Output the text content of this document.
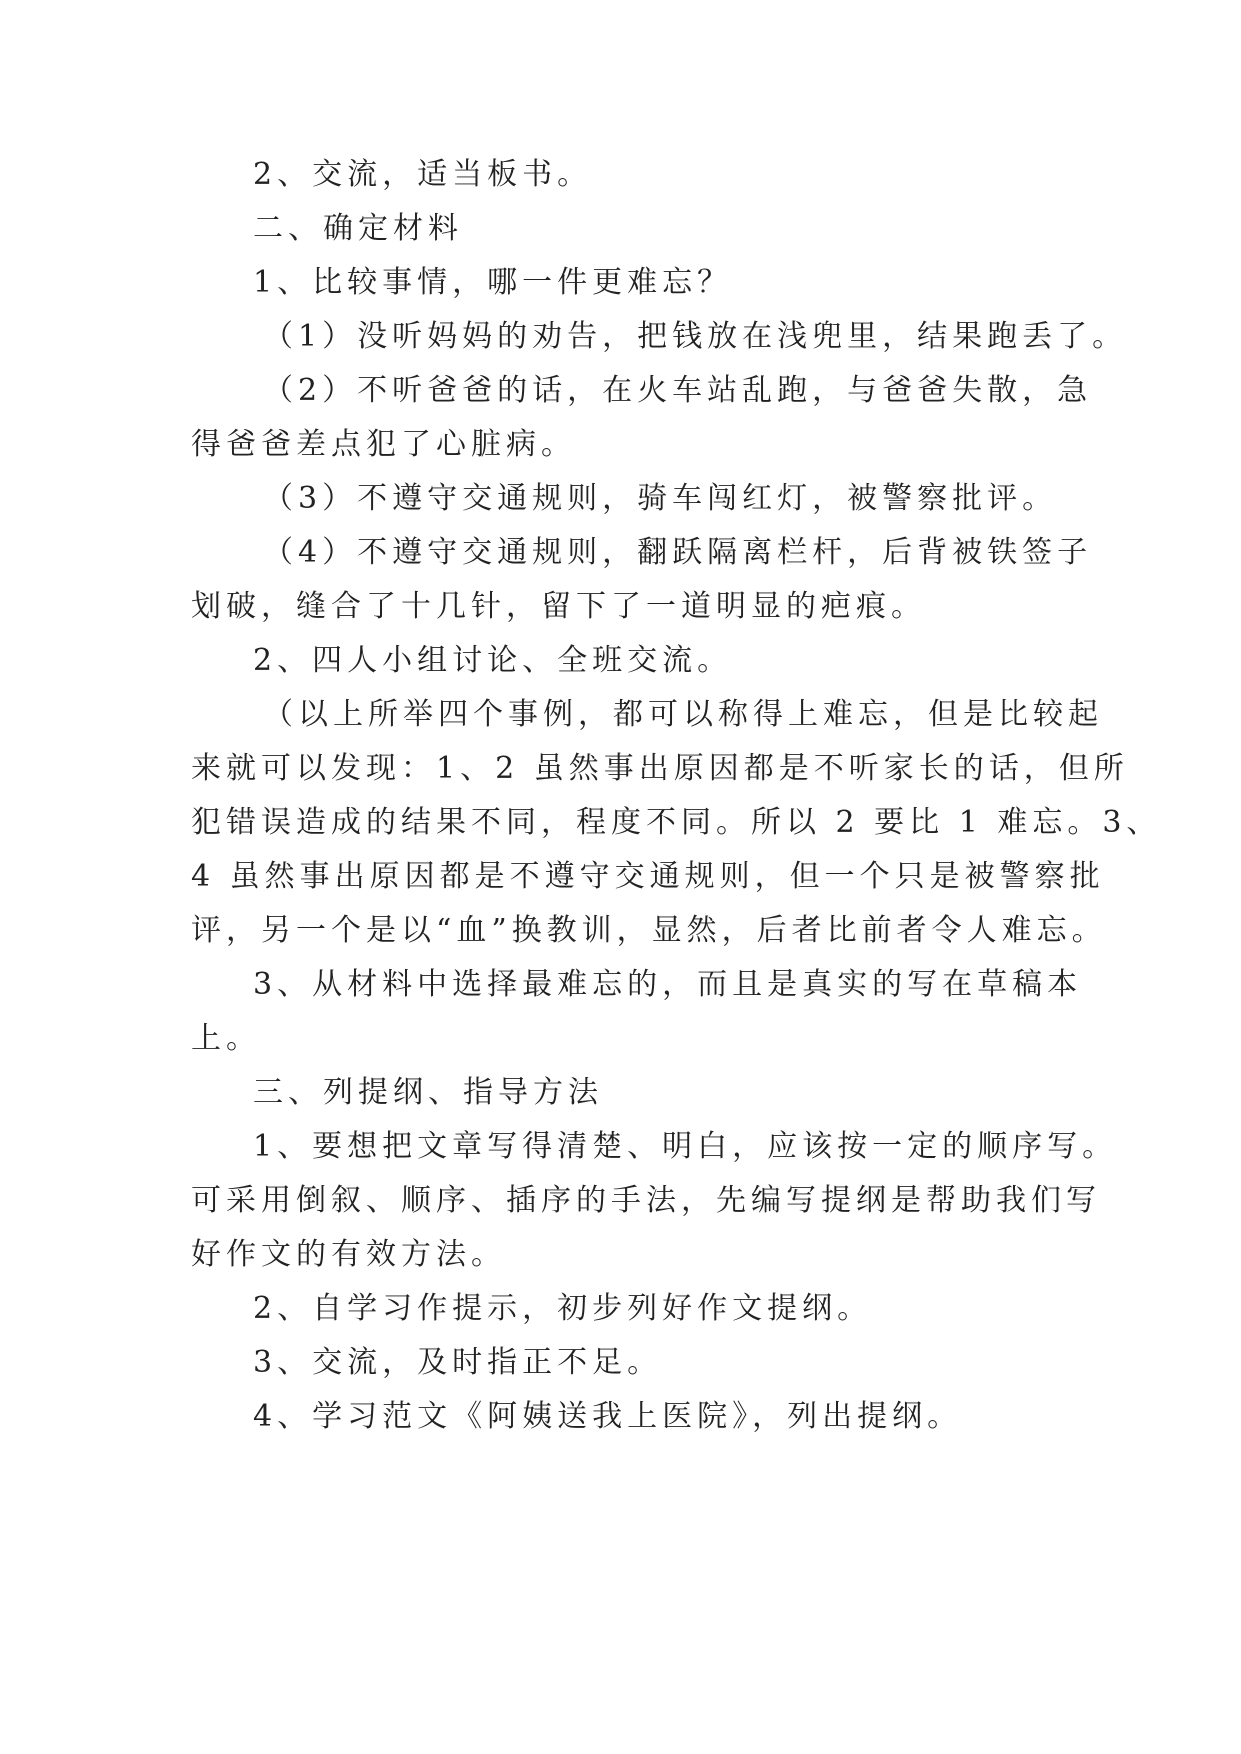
2、交流，适当板书。
二、确定材料
1、比较事情，哪一件更难忘？
（1）没听妈妈的劝告，把钱放在浅兜里，结果跑丢了。
（2）不听爸爸的话，在火车站乱跑，与爸爸失散，急
得爸爸差点犯了心脏病。
（3）不遵守交通规则，骑车闯红灯，被警察批评。
（4）不遵守交通规则，翻跃隔离栏杆，后背被铁签子
划破，缝合了十几针，留下了一道明显的疤痕。
2、四人小组讨论、全班交流。
（以上所举四个事例，都可以称得上难忘，但是比较起
来就可以发现：1、2 虽然事出原因都是不听家长的话，但所
犯错误造成的结果不同，程度不同。所以 2 要比 1 难忘。3、
4 虽然事出原因都是不遵守交通规则，但一个只是被警察批
评，另一个是以“血”换教训，显然，后者比前者令人难忘。
3、从材料中选择最难忘的，而且是真实的写在草稿本
上。
三、列提纲、指导方法
1、要想把文章写得清楚、明白，应该按一定的顺序写。
可采用倒叙、顺序、插序的手法，先编写提纲是帮助我们写
好作文的有效方法。
2、自学习作提示，初步列好作文提纲。
3、交流，及时指正不足。
4、学习范文《阿姨送我上医院》，列出提纲。
